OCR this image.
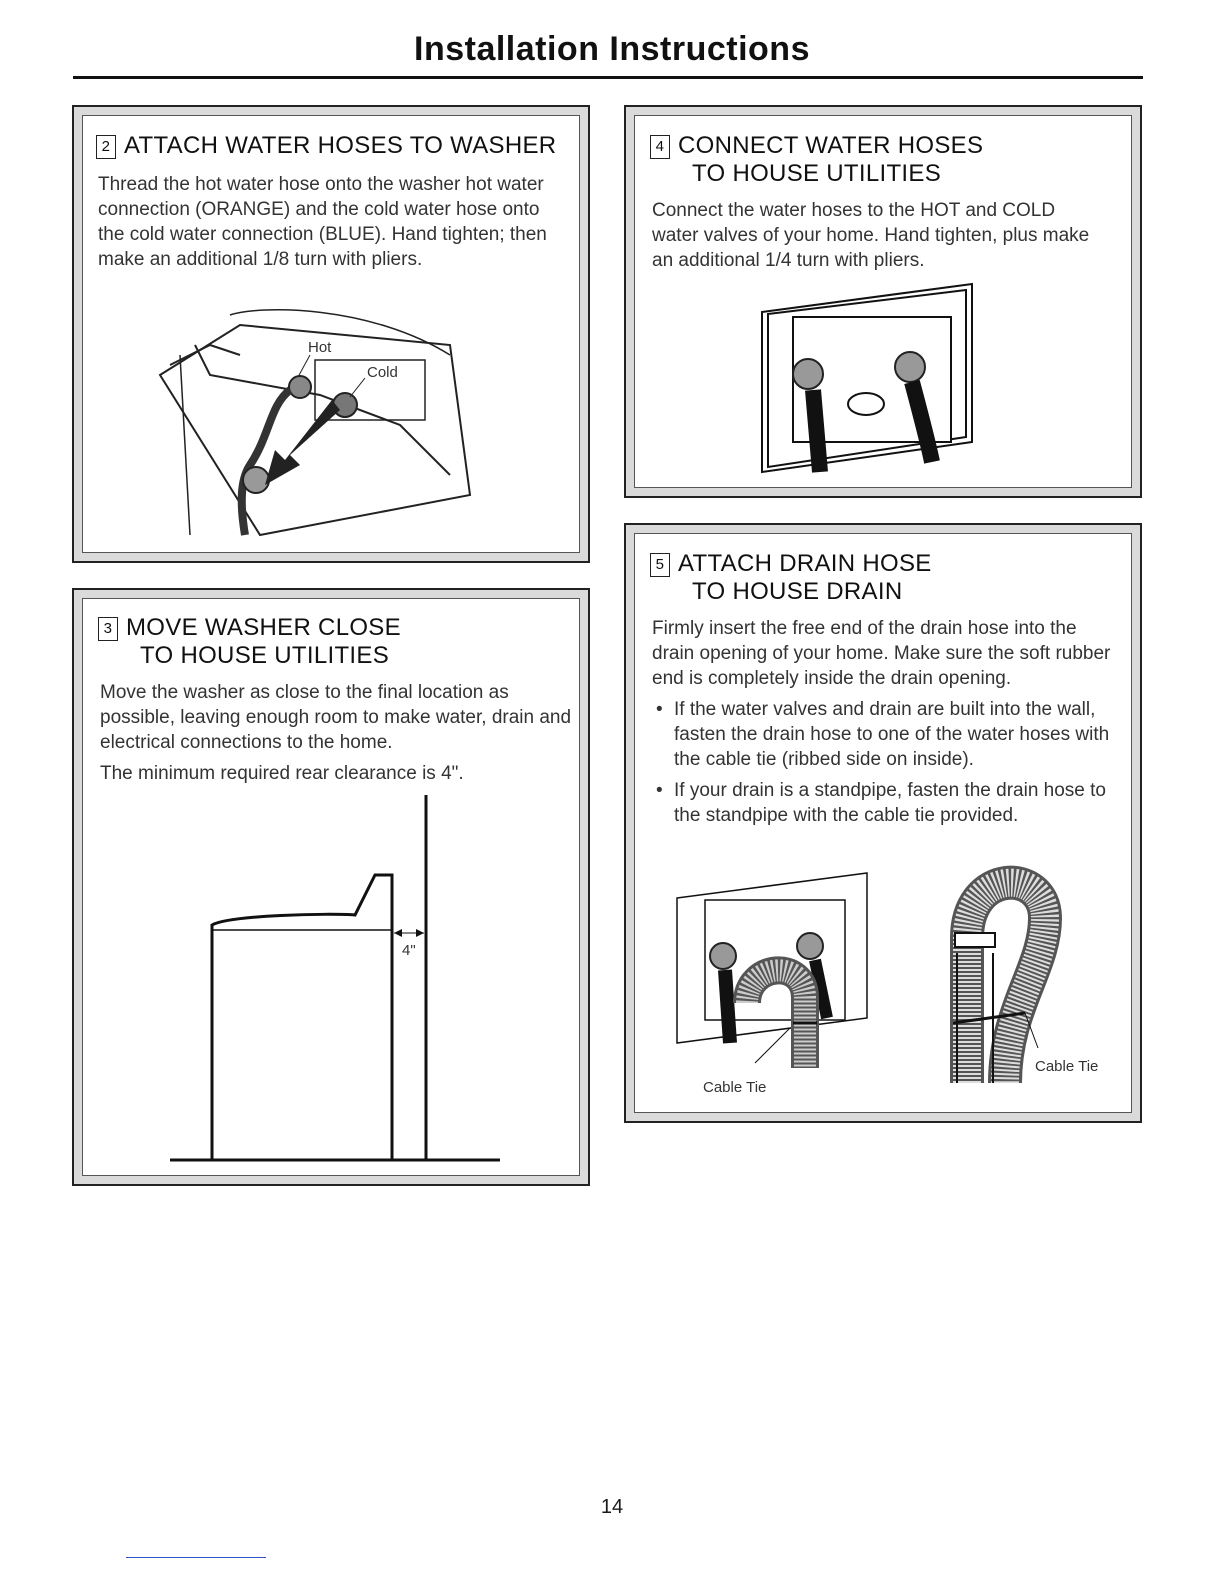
Installation Instructions
2 ATTACH WATER HOSES TO WASHER

Thread the hot water hose onto the washer hot water connection (ORANGE) and the cold water hose onto the cold water connection (BLUE). Hand tighten; then make an additional 1/8 turn with pliers.

Hot
Cold
3 MOVE WASHER CLOSE
TO HOUSE UTILITIES

Move the washer as close to the final location as possible, leaving enough room to make water, drain and electrical connections to the home.

The minimum required rear clearance is 4".

4"
4 CONNECT WATER HOSES
TO HOUSE UTILITIES

Connect the water hoses to the HOT and COLD water valves of your home. Hand tighten, plus make an additional 1/4 turn with pliers.

5 ATTACH DRAIN HOSE
TO HOUSE DRAIN

Firmly insert the free end of the drain hose into the drain opening of your home. Make sure the soft rubber end is completely inside the drain opening.

• If the water valves and drain are built into the wall, fasten the drain hose to one of the water hoses with the cable tie (ribbed side on inside).
• If your drain is a standpipe, fasten the drain hose to the standpipe with the cable tie provided.
Cable Tie
Cable Tie
14
